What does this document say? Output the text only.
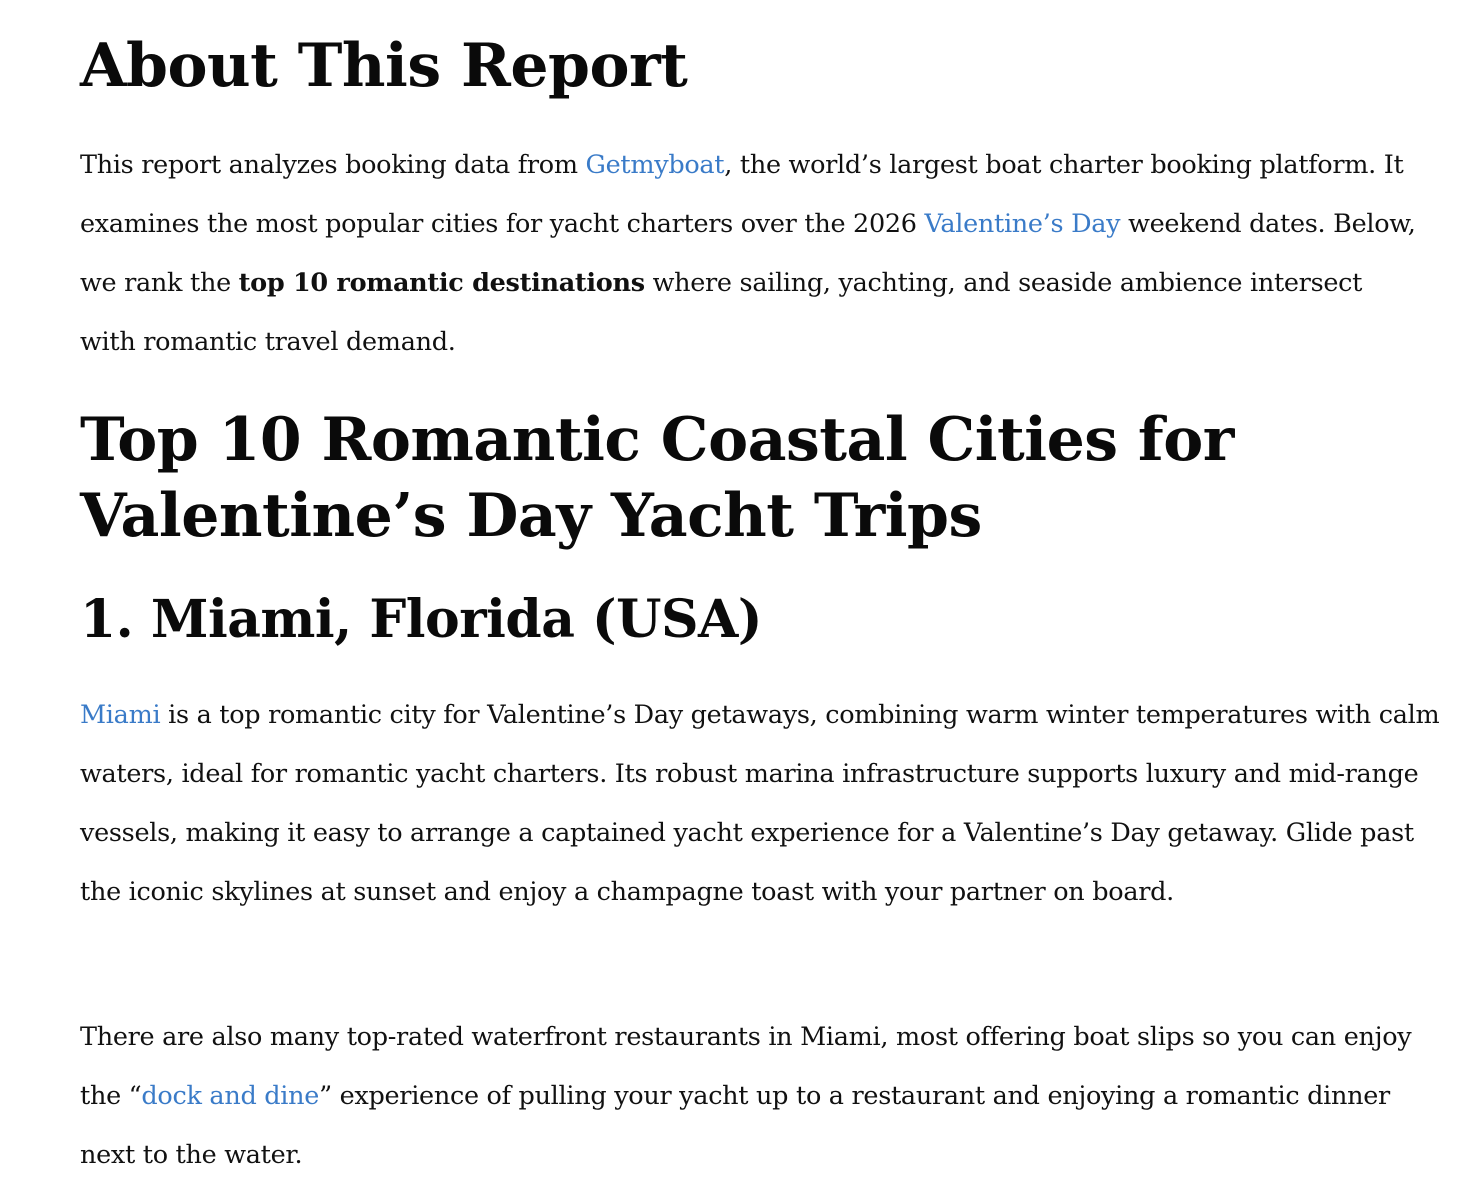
About This Report

This report analyzes booking data from Getmyboat, the world’s largest boat charter booking platform. It examines the most popular cities for yacht charters over the 2026 Valentine’s Day weekend dates. Below, we rank the top 10 romantic destinations where sailing, yachting, and seaside ambience intersect with romantic travel demand.

Top 10 Romantic Coastal Cities for Valentine’s Day Yacht Trips
1. Miami, Florida (USA)

Miami is a top romantic city for Valentine’s Day getaways, combining warm winter temperatures with calm waters, ideal for romantic yacht charters. Its robust marina infrastructure supports luxury and mid-range vessels, making it easy to arrange a captained yacht experience for a Valentine’s Day getaway. Glide past the iconic skylines at sunset and enjoy a champagne toast with your partner on board.

There are also many top-rated waterfront restaurants in Miami, most offering boat slips so you can enjoy the “dock and dine” experience of pulling your yacht up to a restaurant and enjoying a romantic dinner next to the water.
